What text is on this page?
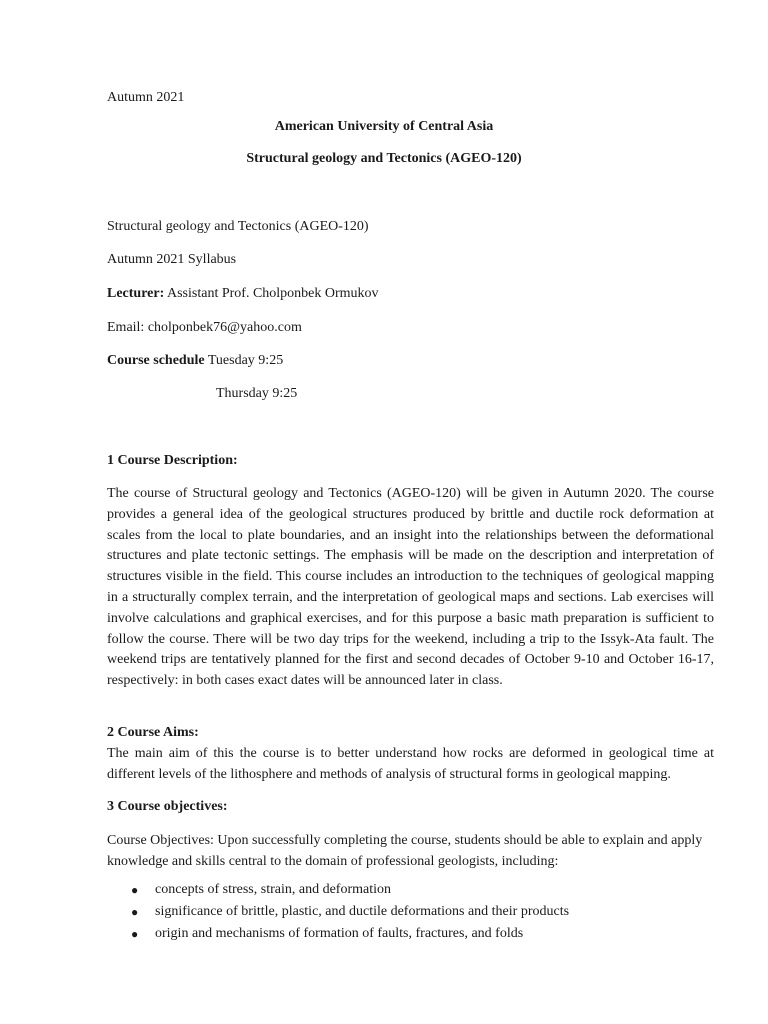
Autumn 2021
American University of Central Asia
Structural geology and Tectonics (AGEO-120)
Structural geology and Tectonics (AGEO-120)
Autumn 2021 Syllabus
Lecturer: Assistant Prof. Cholponbek Ormukov
Email: cholponbek76@yahoo.com
Course schedule Tuesday 9:25
Thursday 9:25
1 Course Description:
The course of Structural geology and Tectonics (AGEO-120) will be given in Autumn 2020. The course provides a general idea of the geological structures produced by brittle and ductile rock deformation at scales from the local to plate boundaries, and an insight into the relationships between the deformational structures and plate tectonic settings. The emphasis will be made on the description and interpretation of structures visible in the field. This course includes an introduction to the techniques of geological mapping in a structurally complex terrain, and the interpretation of geological maps and sections. Lab exercises will involve calculations and graphical exercises, and for this purpose a basic math preparation is sufficient to follow the course. There will be two day trips for the weekend, including a trip to the Issyk-Ata fault. The weekend trips are tentatively planned for the first and second decades of October 9-10 and October 16-17, respectively: in both cases exact dates will be announced later in class.
2 Course Aims:
The main aim of this the course is to better understand how rocks are deformed in geological time at different levels of the lithosphere and methods of analysis of structural forms in geological mapping.
3 Course objectives:
Course Objectives: Upon successfully completing the course, students should be able to explain and apply knowledge and skills central to the domain of professional geologists, including:
● concepts of stress, strain, and deformation
● significance of brittle, plastic, and ductile deformations and their products
● origin and mechanisms of formation of faults, fractures, and folds
